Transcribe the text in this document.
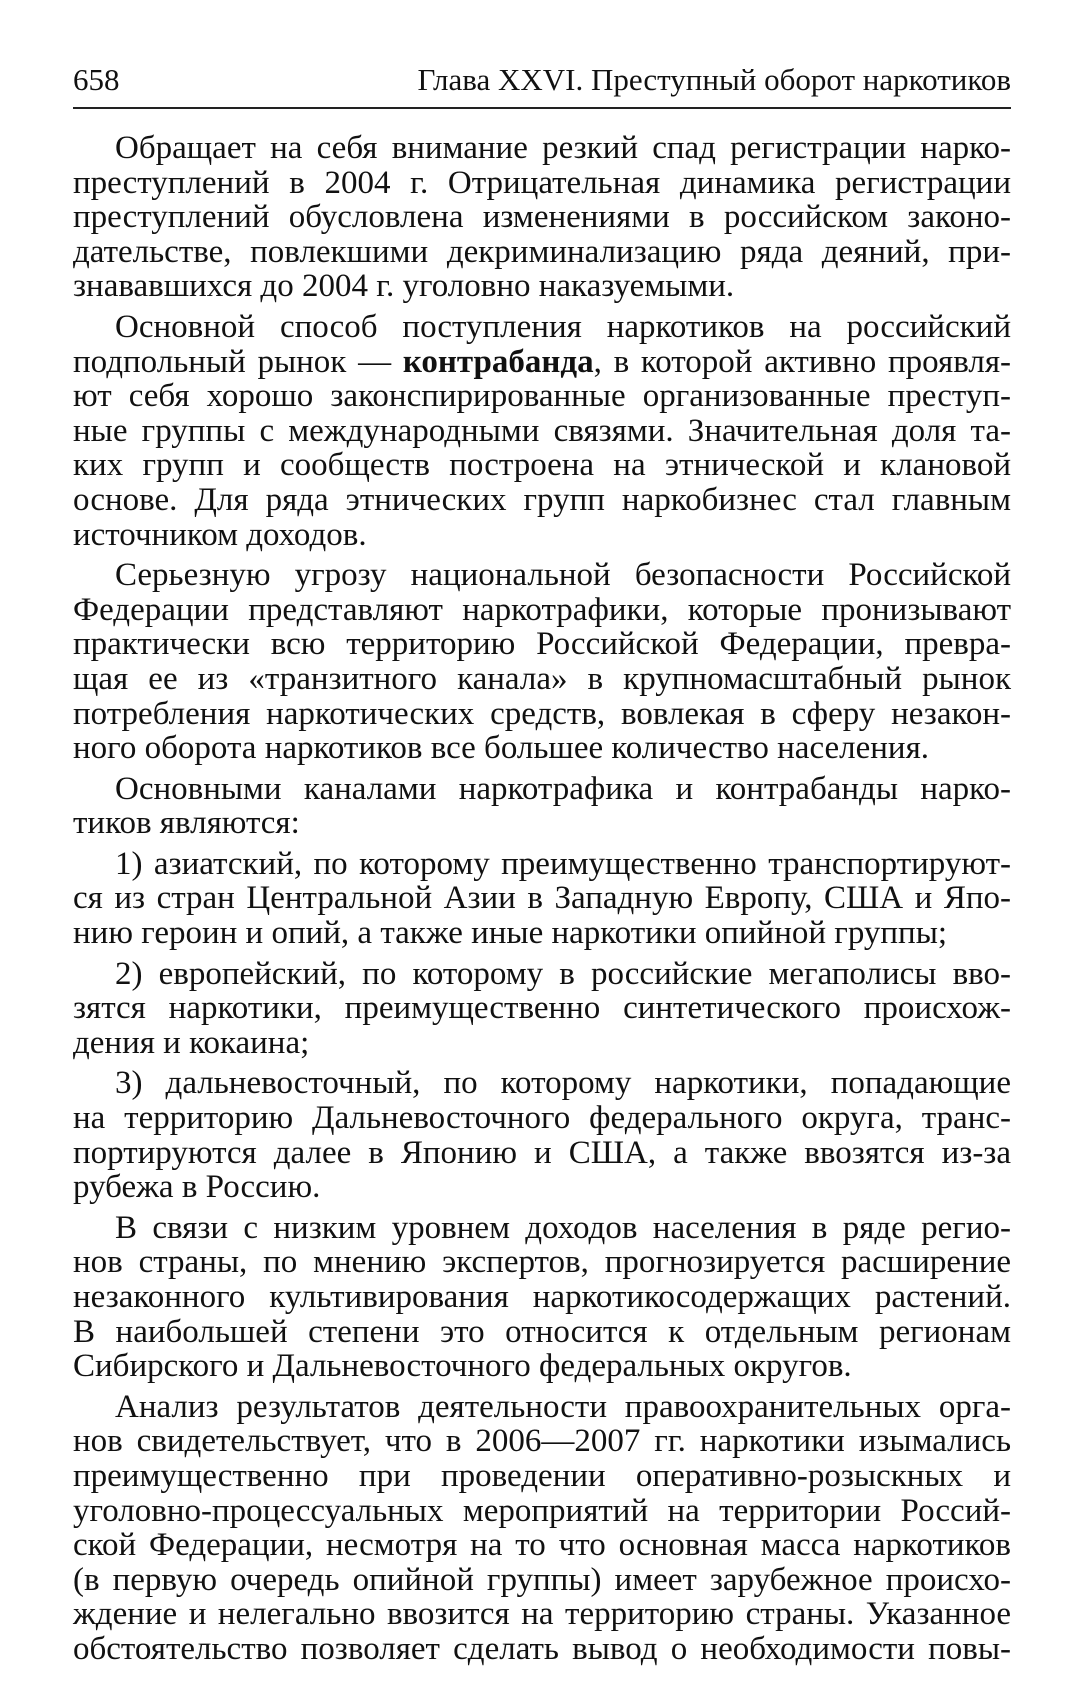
658	Глава XXVI. Преступный оборот наркотиков
Обращает на себя внимание резкий спад регистрации нарко-
преступлений в 2004 г. Отрицательная динамика регистрации
преступлений обусловлена изменениями в российском законо-
дательстве, повлекшими декриминализацию ряда деяний, при-
знававшихся до 2004 г. уголовно наказуемыми.
Основной способ поступления наркотиков на российский
подпольный рынок — контрабанда, в которой активно проявля-
ют себя хорошо законспирированные организованные преступ-
ные группы с международными связями. Значительная доля та-
ких групп и сообществ построена на этнической и клановой
основе. Для ряда этнических групп наркобизнес стал главным
источником доходов.
Серьезную угрозу национальной безопасности Российской
Федерации представляют наркотрафики, которые пронизывают
практически всю территорию Российской Федерации, превра-
щая ее из «транзитного канала» в крупномасштабный рынок
потребления наркотических средств, вовлекая в сферу незакон-
ного оборота наркотиков все большее количество населения.
Основными каналами наркотрафика и контрабанды нарко-
тиков являются:
1) азиатский, по которому преимущественно транспортируют-
ся из стран Центральной Азии в Западную Европу, США и Япо-
нию героин и опий, а также иные наркотики опийной группы;
2) европейский, по которому в российские мегаполисы вво-
зятся наркотики, преимущественно синтетического происхож-
дения и кокаина;
3) дальневосточный, по которому наркотики, попадающие
на территорию Дальневосточного федерального округа, транс-
портируются далее в Японию и США, а также ввозятся из-за
рубежа в Россию.
В связи с низким уровнем доходов населения в ряде регио-
нов страны, по мнению экспертов, прогнозируется расширение
незаконного культивирования наркотикосодержащих растений.
В наибольшей степени это относится к отдельным регионам
Сибирского и Дальневосточного федеральных округов.
Анализ результатов деятельности правоохранительных орга-
нов свидетельствует, что в 2006—2007 гг. наркотики изымались
преимущественно при проведении оперативно-розыскных и
уголовно-процессуальных мероприятий на территории Россий-
ской Федерации, несмотря на то что основная масса наркотиков
(в первую очередь опийной группы) имеет зарубежное происхо-
ждение и нелегально ввозится на территорию страны. Указанное
обстоятельство позволяет сделать вывод о необходимости повы-
